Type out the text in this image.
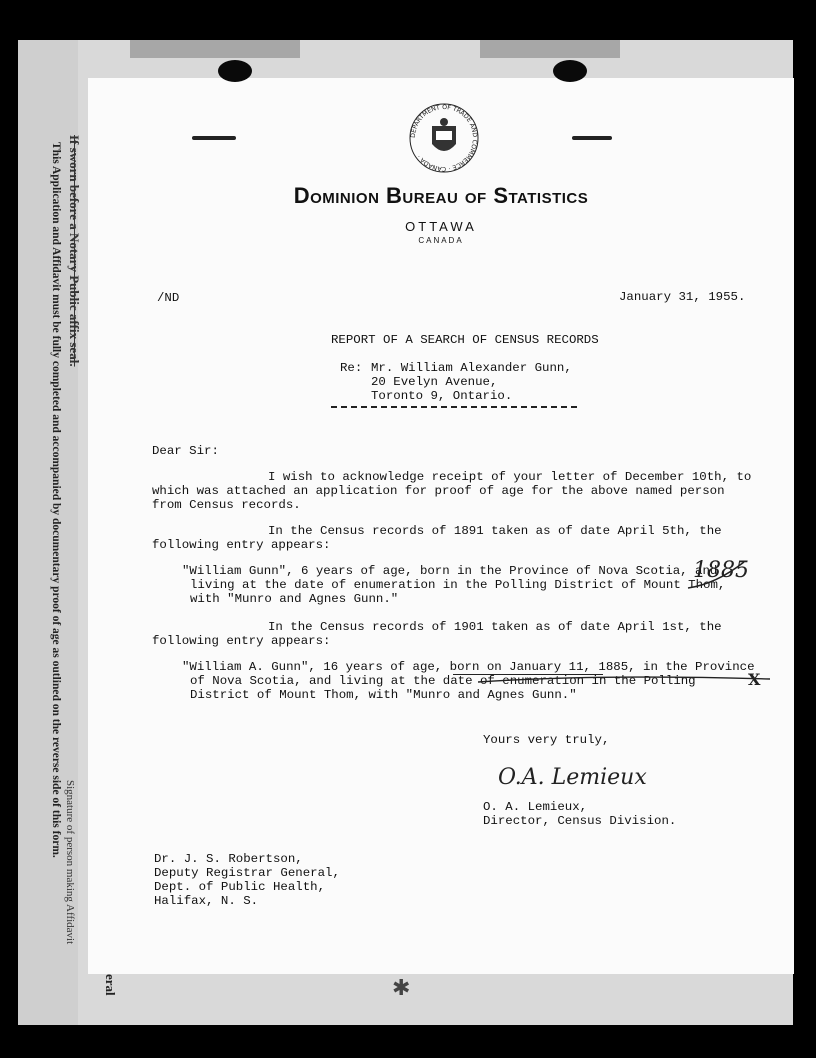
If sworn before a Notary Public affix seal.
This Application and Affidavit must be fully completed and accompanied by documentary proof of age as outlined on the reverse side of this form.
Signature of person making Affidavit
eral	✱
DEPARTMENT OF TRADE AND COMMERCE · CANADA ·
Dominion Bureau of Statistics
OTTAWA
CANADA
/ND	January 31, 1955.
REPORT OF A SEARCH OF CENSUS RECORDS
Re: Mr. William Alexander Gunn,
20 Evelyn Avenue,
Toronto 9, Ontario.
Dear Sir:
I wish to acknowledge receipt of your letter of December 10th, to
which was attached an application for proof of age for the above named person
from Census records.
In the Census records of 1891 taken as of date April 5th, the
following entry appears:
"William Gunn", 6 years of age, born in the Province of Nova Scotia, and
living at the date of enumeration in the Polling District of Mount Thom,
with "Munro and Agnes Gunn."
1885
In the Census records of 1901 taken as of date April 1st, the
following entry appears:
"William A. Gunn", 16 years of age, born on January 11, 1885, in the Province
of Nova Scotia, and living at the date of enumeration in the Polling
District of Mount Thom, with "Munro and Agnes Gunn."
X
Yours very truly,
O.A. Lemieux
O. A. Lemieux,
Director, Census Division.
Dr. J. S. Robertson,
Deputy Registrar General,
Dept. of Public Health,
Halifax, N. S.
